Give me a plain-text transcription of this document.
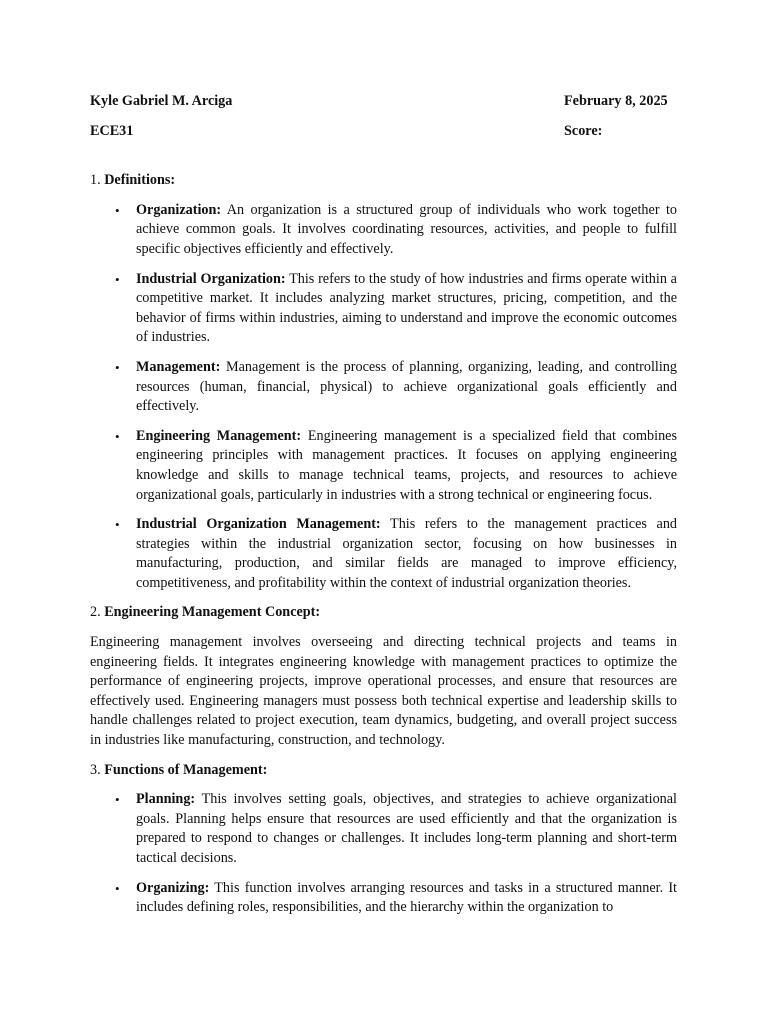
Kyle Gabriel M. Arciga	February 8, 2025
ECE31	Score:
1. Definitions:
• Organization: An organization is a structured group of individuals who work together to achieve common goals. It involves coordinating resources, activities, and people to fulfill specific objectives efficiently and effectively.
• Industrial Organization: This refers to the study of how industries and firms operate within a competitive market. It includes analyzing market structures, pricing, competition, and the behavior of firms within industries, aiming to understand and improve the economic outcomes of industries.
• Management: Management is the process of planning, organizing, leading, and controlling resources (human, financial, physical) to achieve organizational goals efficiently and effectively.
• Engineering Management: Engineering management is a specialized field that combines engineering principles with management practices. It focuses on applying engineering knowledge and skills to manage technical teams, projects, and resources to achieve organizational goals, particularly in industries with a strong technical or engineering focus.
• Industrial Organization Management: This refers to the management practices and strategies within the industrial organization sector, focusing on how businesses in manufacturing, production, and similar fields are managed to improve efficiency, competitiveness, and profitability within the context of industrial organization theories.
2. Engineering Management Concept:

Engineering management involves overseeing and directing technical projects and teams in engineering fields. It integrates engineering knowledge with management practices to optimize the performance of engineering projects, improve operational processes, and ensure that resources are effectively used. Engineering managers must possess both technical expertise and leadership skills to handle challenges related to project execution, team dynamics, budgeting, and overall project success in industries like manufacturing, construction, and technology.

3. Functions of Management:
• Planning: This involves setting goals, objectives, and strategies to achieve organizational goals. Planning helps ensure that resources are used efficiently and that the organization is prepared to respond to changes or challenges. It includes long-term planning and short-term tactical decisions.
• Organizing: This function involves arranging resources and tasks in a structured manner. It includes defining roles, responsibilities, and the hierarchy within the organization to
